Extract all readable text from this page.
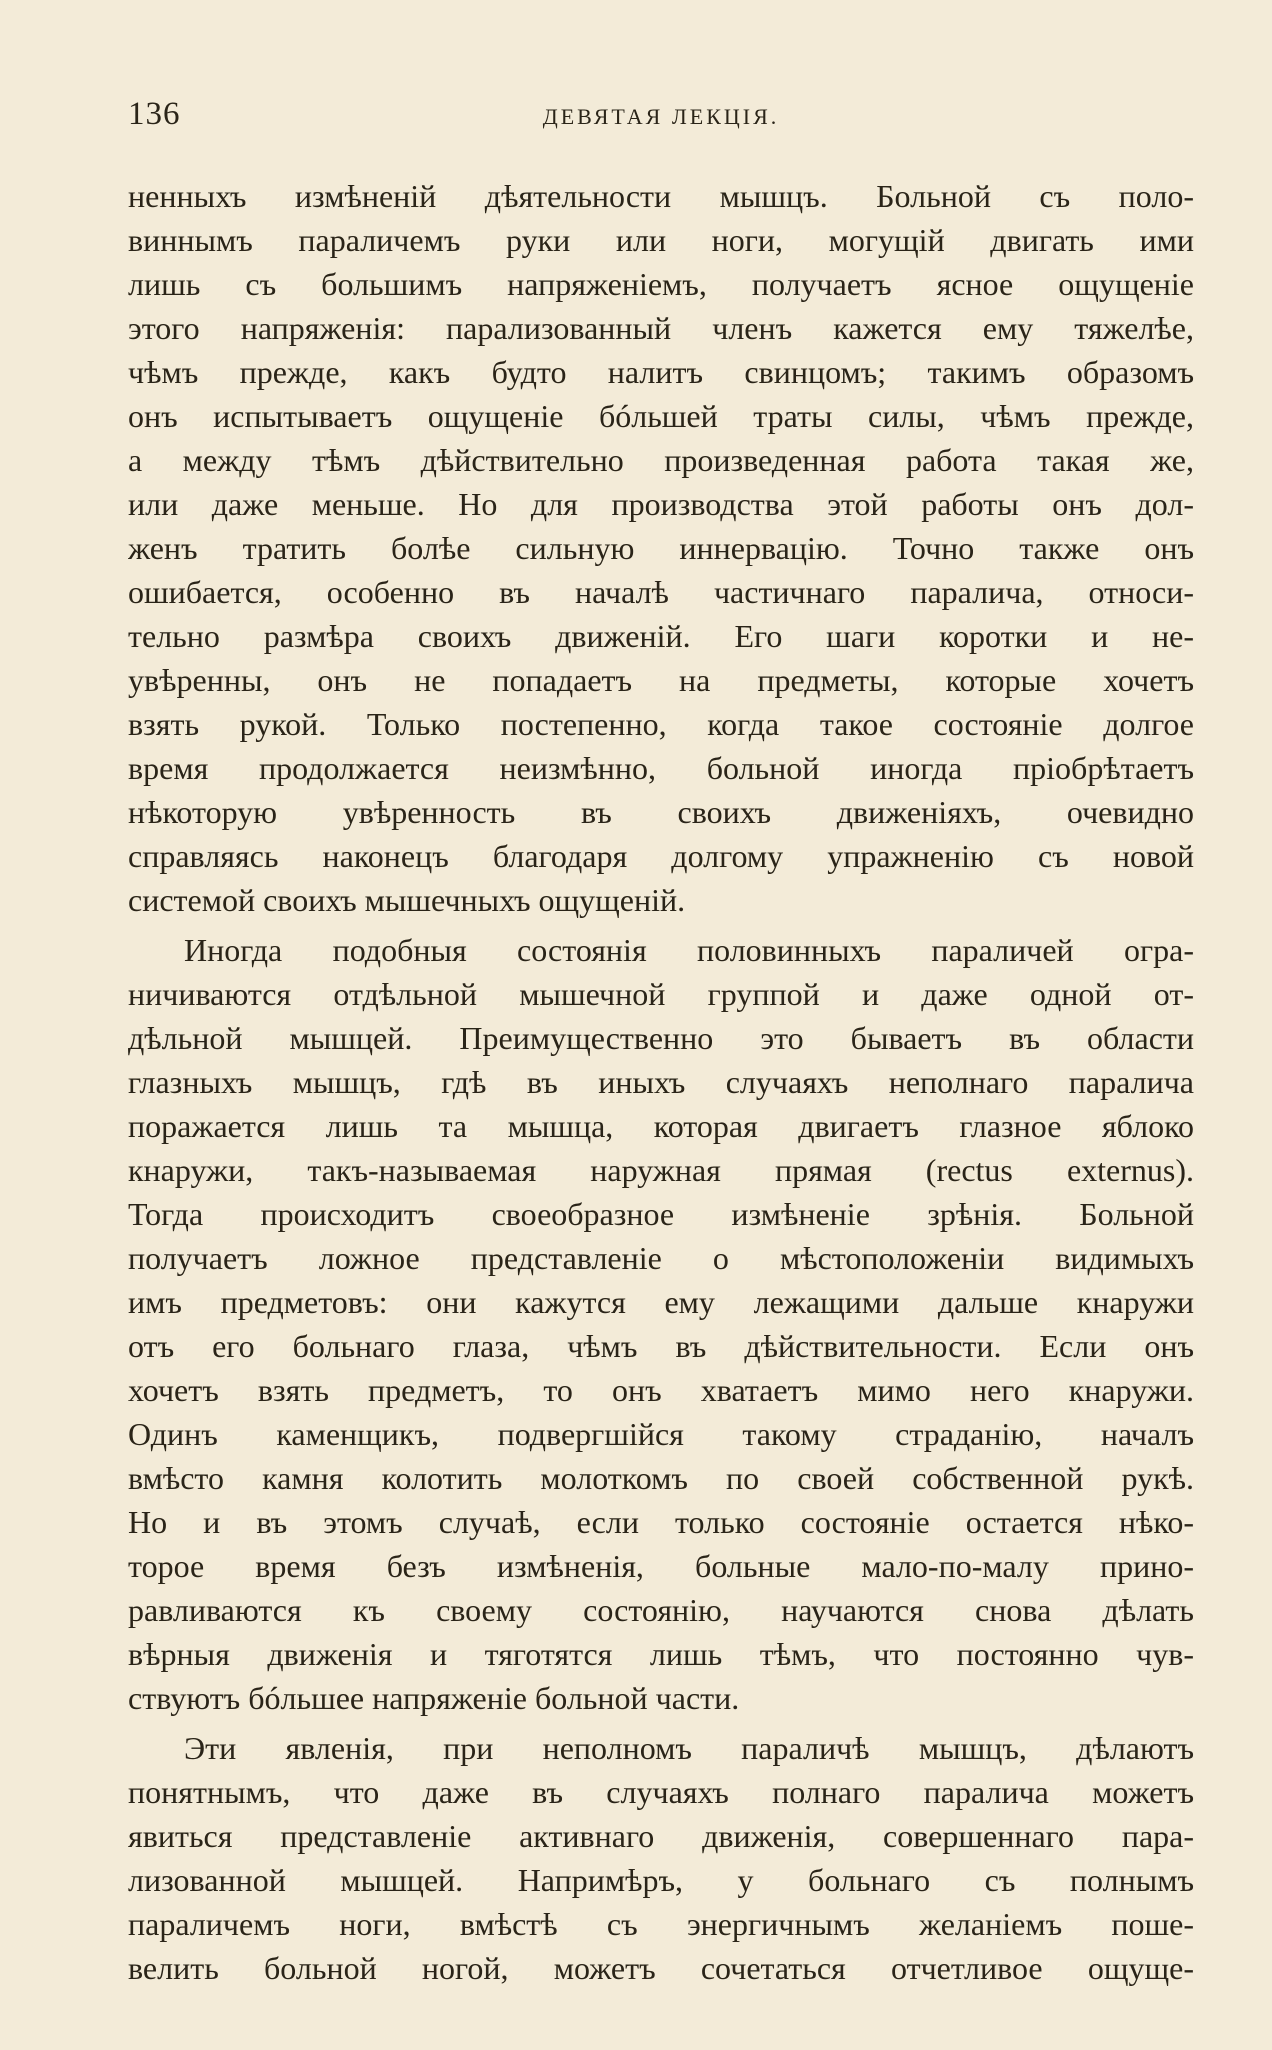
136	ДЕВЯТАЯ ЛЕКЦІЯ.
ненныхъ измѣненій дѣятельности мышцъ. Больной съ поло-
виннымъ параличемъ руки или ноги, могущій двигать ими
лишь съ большимъ напряженіемъ, получаетъ ясное ощущеніе
этого напряженія: парализованный членъ кажется ему тяжелѣе,
чѣмъ прежде, какъ будто налитъ свинцомъ; такимъ образомъ
онъ испытываетъ ощущеніе бóльшей траты силы, чѣмъ прежде,
а между тѣмъ дѣйствительно произведенная работа такая же,
или даже меньше. Но для производства этой работы онъ дол-
женъ тратить болѣе сильную иннервацію. Точно также онъ
ошибается, особенно въ началѣ частичнаго паралича, относи-
тельно размѣра своихъ движеній. Его шаги коротки и не-
увѣренны, онъ не попадаетъ на предметы, которые хочетъ
взять рукой. Только постепенно, когда такое состояніе долгое
время продолжается неизмѣнно, больной иногда пріобрѣтаетъ
нѣкоторую увѣренность въ своихъ движеніяхъ, очевидно
справляясь наконецъ благодаря долгому упражненію съ новой
системой своихъ мышечныхъ ощущеній.
Иногда подобныя состоянія половинныхъ параличей огра-
ничиваются отдѣльной мышечной группой и даже одной от-
дѣльной мышцей. Преимущественно это бываетъ въ области
глазныхъ мышцъ, гдѣ въ иныхъ случаяхъ неполнаго паралича
поражается лишь та мышца, которая двигаетъ глазное яблоко
кнаружи, такъ-называемая наружная прямая (rectus externus).
Тогда происходитъ своеобразное измѣненіе зрѣнія. Больной
получаетъ ложное представленіе о мѣстоположеніи видимыхъ
имъ предметовъ: они кажутся ему лежащими дальше кнаружи
отъ его больнаго глаза, чѣмъ въ дѣйствительности. Если онъ
хочетъ взять предметъ, то онъ хватаетъ мимо него кнаружи.
Одинъ каменщикъ, подвергшійся такому страданію, началъ
вмѣсто камня колотить молоткомъ по своей собственной рукѣ.
Но и въ этомъ случаѣ, если только состояніе остается нѣко-
торое время безъ измѣненія, больные мало-по-малу прино-
равливаются къ своему состоянію, научаются снова дѣлать
вѣрныя движенія и тяготятся лишь тѣмъ, что постоянно чув-
ствуютъ бóльшее напряженіе больной части.
Эти явленія, при неполномъ параличѣ мышцъ, дѣлаютъ
понятнымъ, что даже въ случаяхъ полнаго паралича можетъ
явиться представленіе активнаго движенія, совершеннаго пара-
лизованной мышцей. Напримѣръ, у больнаго съ полнымъ
параличемъ ноги, вмѣстѣ съ энергичнымъ желаніемъ поше-
велить больной ногой, можетъ сочетаться отчетливое ощуще-
